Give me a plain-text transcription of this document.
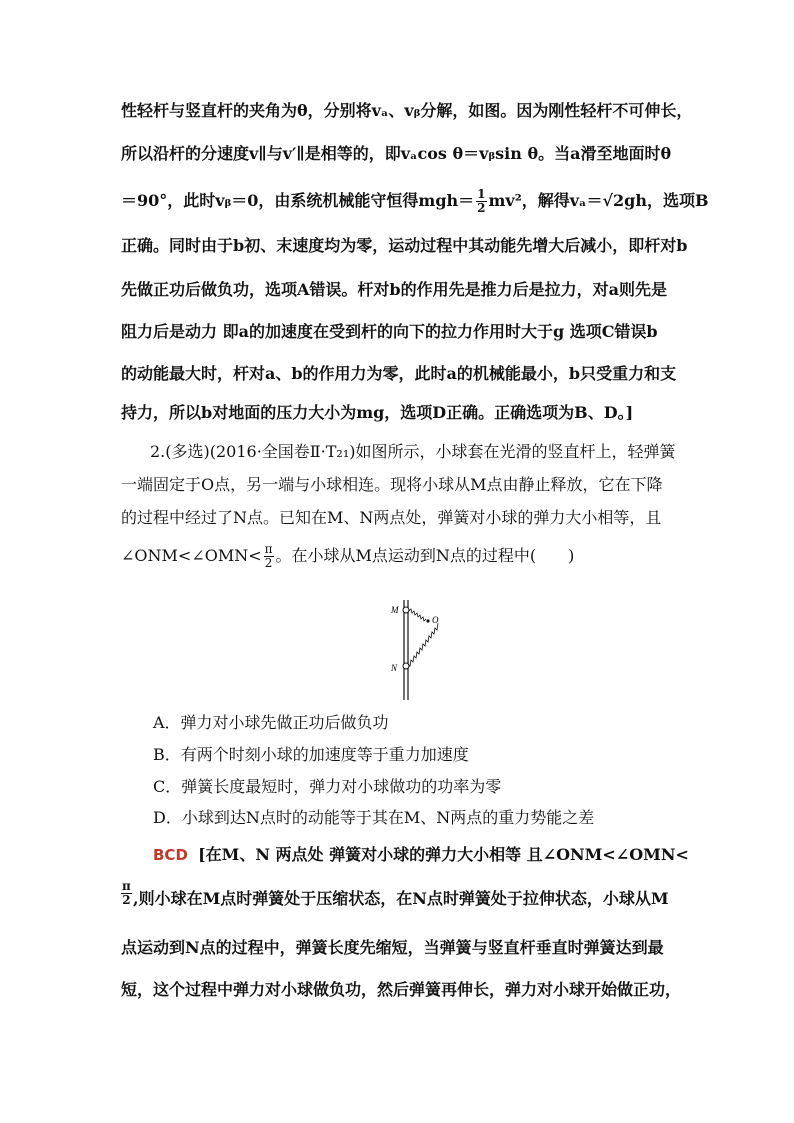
性轻杆与竖直杆的夹角为θ，分别将vₐ、vᵦ分解，如图。因为刚性轻杆不可伸长，
所以沿杆的分速度v∥与v′∥是相等的，即vₐcos θ＝vᵦsin θ。当a滑至地面时θ
＝90°，此时vᵦ＝0，由系统机械能守恒得$mgh= \frac{1}{2} mv^2$，解得vₐ＝√2gh，选项B
正确。同时由于b初、末速度均为零，运动过程中其动能先增大后减小，即杆对b
先做正功后做负功，选项A错误。杆对b的作用先是推力后是拉力，对a则先是
阻力后是动力 即a的加速度在受到杆的向下的拉力作用时大于g 选项C错误b
的动能最大时，杆对a、b的作用力为零，此时a的机械能最小，b只受重力和支
持力，所以b对地面的压力大小为mg，选项D正确。正确选项为B、D。]
2.(多选)(2016·全国卷Ⅱ·T₂₁)如图所示，小球套在光滑的竖直杆上，轻弹簧
一端固定于O点，另一端与小球相连。现将小球从M点由静止释放，它在下降
的过程中经过了N点。已知在M、N两点处，弹簧对小球的弹力大小相等，且
∠ONM<∠OMN< $\frac{\pi}{2}$ 。在小球从M点运动到N点的过程中(　　)
M
O
N
A．弹力对小球先做正功后做负功
B．有两个时刻小球的加速度等于重力加速度
C．弹簧长度最短时，弹力对小球做功的功率为零
D．小球到达N点时的动能等于其在M、N两点的重力势能之差
BCD [在M、N 两点处 弹簧对小球的弹力大小相等 且∠ONM<∠OMN<
$\frac{\pi}{2}$ ,则小球在M点时弹簧处于压缩状态，在N点时弹簧处于拉伸状态，小球从M
点运动到N点的过程中，弹簧长度先缩短，当弹簧与竖直杆垂直时弹簧达到最
短，这个过程中弹力对小球做负功，然后弹簧再伸长，弹力对小球开始做正功，
